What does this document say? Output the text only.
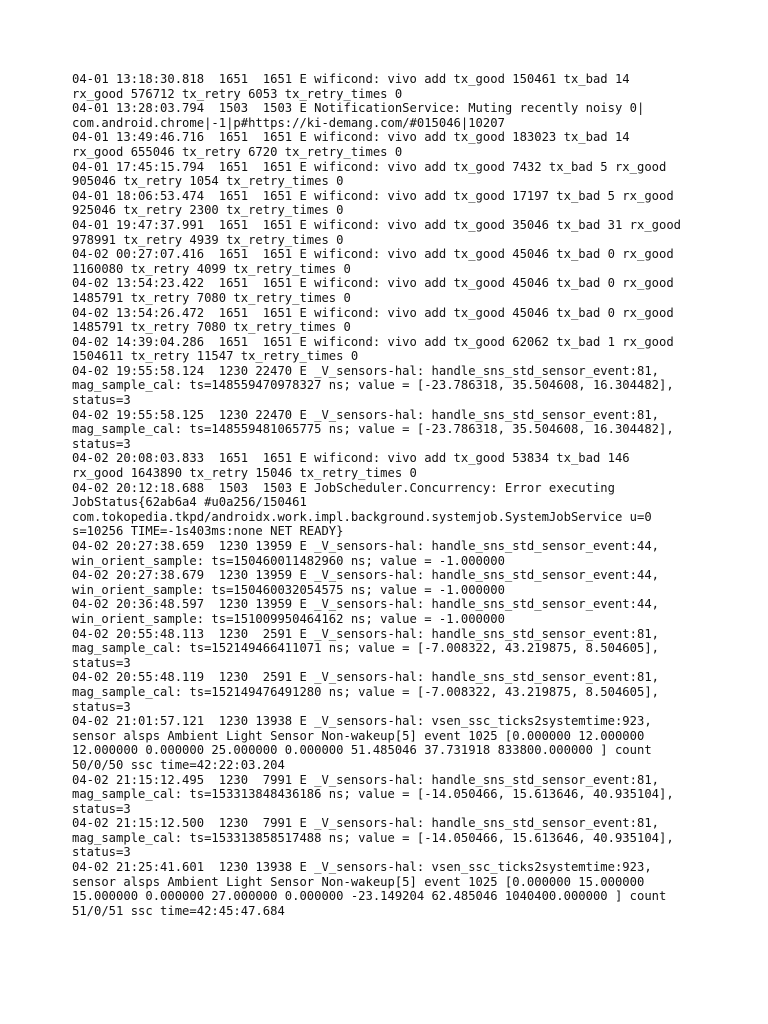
04-01 13:18:30.818  1651  1651 E wificond: vivo add tx_good 150461 tx_bad 14
rx_good 576712 tx_retry 6053 tx_retry_times 0
04-01 13:28:03.794  1503  1503 E NotificationService: Muting recently noisy 0|
com.android.chrome|-1|p#https://ki-demang.com/#015046|10207
04-01 13:49:46.716  1651  1651 E wificond: vivo add tx_good 183023 tx_bad 14
rx_good 655046 tx_retry 6720 tx_retry_times 0
04-01 17:45:15.794  1651  1651 E wificond: vivo add tx_good 7432 tx_bad 5 rx_good
905046 tx_retry 1054 tx_retry_times 0
04-01 18:06:53.474  1651  1651 E wificond: vivo add tx_good 17197 tx_bad 5 rx_good
925046 tx_retry 2300 tx_retry_times 0
04-01 19:47:37.991  1651  1651 E wificond: vivo add tx_good 35046 tx_bad 31 rx_good
978991 tx_retry 4939 tx_retry_times 0
04-02 00:27:07.416  1651  1651 E wificond: vivo add tx_good 45046 tx_bad 0 rx_good
1160080 tx_retry 4099 tx_retry_times 0
04-02 13:54:23.422  1651  1651 E wificond: vivo add tx_good 45046 tx_bad 0 rx_good
1485791 tx_retry 7080 tx_retry_times 0
04-02 13:54:26.472  1651  1651 E wificond: vivo add tx_good 45046 tx_bad 0 rx_good
1485791 tx_retry 7080 tx_retry_times 0
04-02 14:39:04.286  1651  1651 E wificond: vivo add tx_good 62062 tx_bad 1 rx_good
1504611 tx_retry 11547 tx_retry_times 0
04-02 19:55:58.124  1230 22470 E _V_sensors-hal: handle_sns_std_sensor_event:81,
mag_sample_cal: ts=148559470978327 ns; value = [-23.786318, 35.504608, 16.304482],
status=3
04-02 19:55:58.125  1230 22470 E _V_sensors-hal: handle_sns_std_sensor_event:81,
mag_sample_cal: ts=148559481065775 ns; value = [-23.786318, 35.504608, 16.304482],
status=3
04-02 20:08:03.833  1651  1651 E wificond: vivo add tx_good 53834 tx_bad 146
rx_good 1643890 tx_retry 15046 tx_retry_times 0
04-02 20:12:18.688  1503  1503 E JobScheduler.Concurrency: Error executing
JobStatus{62ab6a4 #u0a256/150461
com.tokopedia.tkpd/androidx.work.impl.background.systemjob.SystemJobService u=0
s=10256 TIME=-1s403ms:none NET READY}
04-02 20:27:38.659  1230 13959 E _V_sensors-hal: handle_sns_std_sensor_event:44,
win_orient_sample: ts=150460011482960 ns; value = -1.000000
04-02 20:27:38.679  1230 13959 E _V_sensors-hal: handle_sns_std_sensor_event:44,
win_orient_sample: ts=150460032054575 ns; value = -1.000000
04-02 20:36:48.597  1230 13959 E _V_sensors-hal: handle_sns_std_sensor_event:44,
win_orient_sample: ts=151009950464162 ns; value = -1.000000
04-02 20:55:48.113  1230  2591 E _V_sensors-hal: handle_sns_std_sensor_event:81,
mag_sample_cal: ts=152149466411071 ns; value = [-7.008322, 43.219875, 8.504605],
status=3
04-02 20:55:48.119  1230  2591 E _V_sensors-hal: handle_sns_std_sensor_event:81,
mag_sample_cal: ts=152149476491280 ns; value = [-7.008322, 43.219875, 8.504605],
status=3
04-02 21:01:57.121  1230 13938 E _V_sensors-hal: vsen_ssc_ticks2systemtime:923,
sensor alsps Ambient Light Sensor Non-wakeup[5] event 1025 [0.000000 12.000000
12.000000 0.000000 25.000000 0.000000 51.485046 37.731918 833800.000000 ] count
50/0/50 ssc time=42:22:03.204
04-02 21:15:12.495  1230  7991 E _V_sensors-hal: handle_sns_std_sensor_event:81,
mag_sample_cal: ts=153313848436186 ns; value = [-14.050466, 15.613646, 40.935104],
status=3
04-02 21:15:12.500  1230  7991 E _V_sensors-hal: handle_sns_std_sensor_event:81,
mag_sample_cal: ts=153313858517488 ns; value = [-14.050466, 15.613646, 40.935104],
status=3
04-02 21:25:41.601  1230 13938 E _V_sensors-hal: vsen_ssc_ticks2systemtime:923,
sensor alsps Ambient Light Sensor Non-wakeup[5] event 1025 [0.000000 15.000000
15.000000 0.000000 27.000000 0.000000 -23.149204 62.485046 1040400.000000 ] count
51/0/51 ssc time=42:45:47.684
